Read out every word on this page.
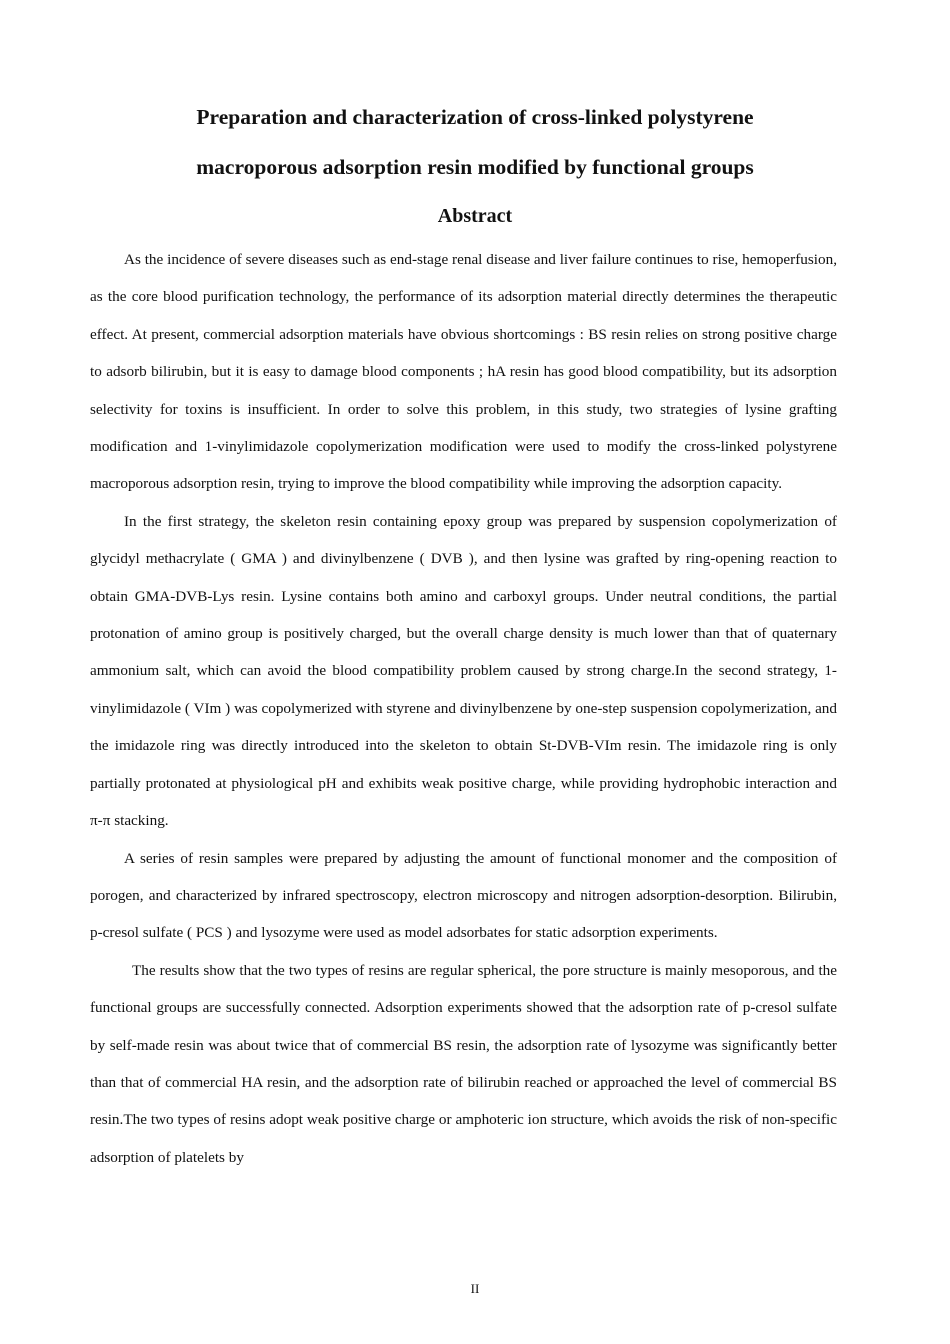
Preparation and characterization of cross-linked polystyrene
macroporous adsorption resin modified by functional groups
Abstract

As the incidence of severe diseases such as end-stage renal disease and liver failure continues to rise, hemoperfusion, as the core blood purification technology, the performance of its adsorption material directly determines the therapeutic effect. At present, commercial adsorption materials have obvious shortcomings : BS resin relies on strong positive charge to adsorb bilirubin, but it is easy to damage blood components ; hA resin has good blood compatibility, but its adsorption selectivity for toxins is insufficient. In order to solve this problem, in this study, two strategies of lysine grafting modification and 1-vinylimidazole copolymerization modification were used to modify the cross-linked polystyrene macroporous adsorption resin, trying to improve the blood compatibility while improving the adsorption capacity.

In the first strategy, the skeleton resin containing epoxy group was prepared by suspension copolymerization of glycidyl methacrylate ( GMA ) and divinylbenzene ( DVB ), and then lysine was grafted by ring-opening reaction to obtain GMA-DVB-Lys resin. Lysine contains both amino and carboxyl groups. Under neutral conditions, the partial protonation of amino group is positively charged, but the overall charge density is much lower than that of quaternary ammonium salt, which can avoid the blood compatibility problem caused by strong charge.In the second strategy, 1-vinylimidazole ( VIm ) was copolymerized with styrene and divinylbenzene by one-step suspension copolymerization, and the imidazole ring was directly introduced into the skeleton to obtain St-DVB-VIm resin. The imidazole ring is only partially protonated at physiological pH and exhibits weak positive charge, while providing hydrophobic interaction and π-π stacking.

A series of resin samples were prepared by adjusting the amount of functional monomer and the composition of porogen, and characterized by infrared spectroscopy, electron microscopy and nitrogen adsorption-desorption. Bilirubin, p-cresol sulfate ( PCS ) and lysozyme were used as model adsorbates for static adsorption experiments.

The results show that the two types of resins are regular spherical, the pore structure is mainly mesoporous, and the functional groups are successfully connected. Adsorption experiments showed that the adsorption rate of p-cresol sulfate by self-made resin was about twice that of commercial BS resin, the adsorption rate of lysozyme was significantly better than that of commercial HA resin, and the adsorption rate of bilirubin reached or approached the level of commercial BS resin.The two types of resins adopt weak positive charge or amphoteric ion structure, which avoids the risk of non-specific adsorption of platelets by

II
